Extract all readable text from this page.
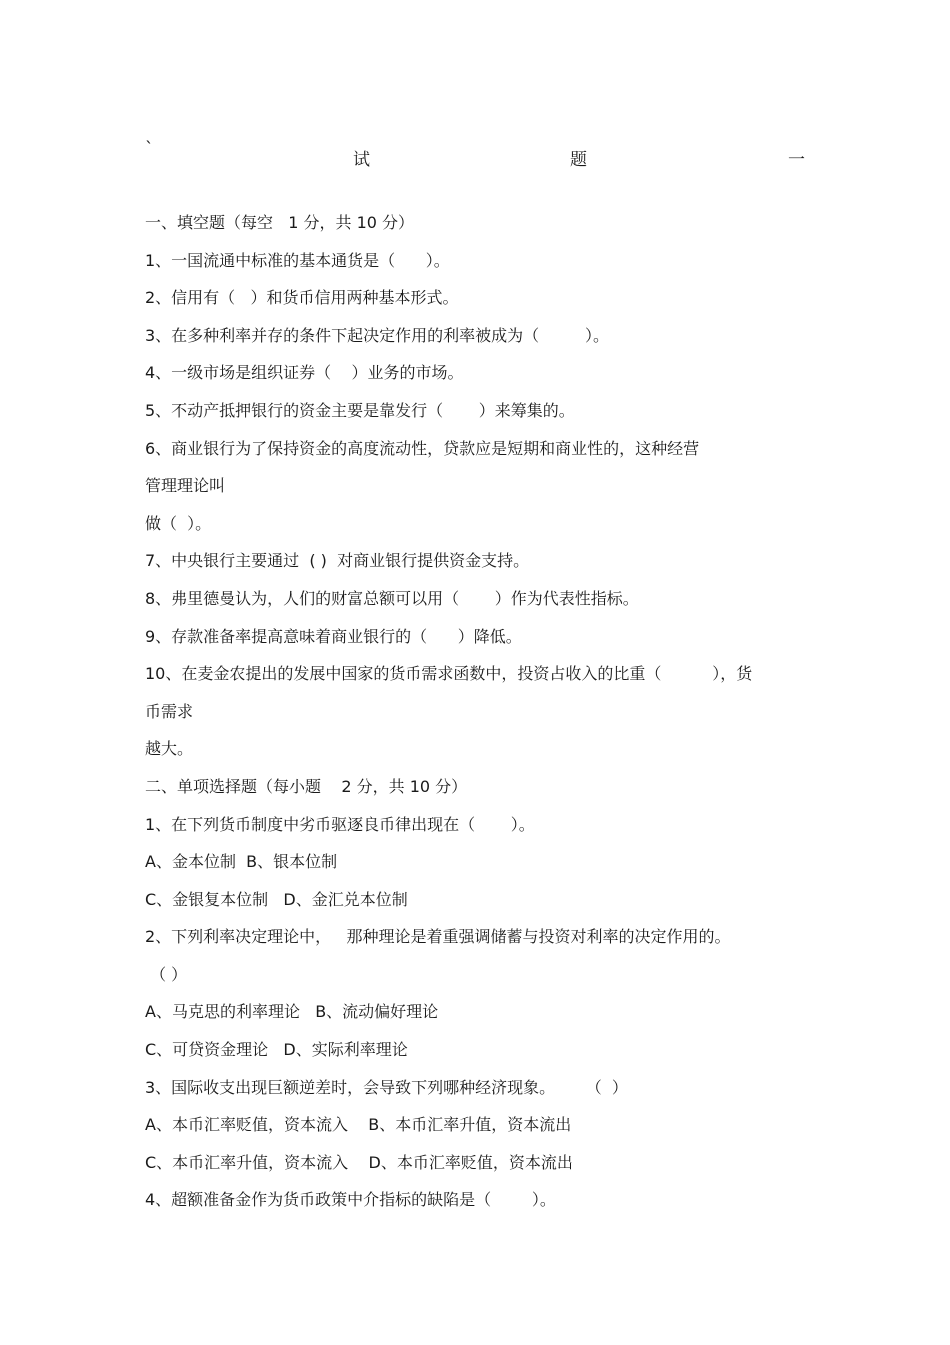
`
试	题	一
一、填空题（每空   1 分，共 10 分）
1、一国流通中标准的基本通货是（      ）。
2、信用有（   ）和货币信用两种基本形式。
3、在多种利率并存的条件下起决定作用的利率被成为（         ）。
4、一级市场是组织证券（    ）业务的市场。
5、不动产抵押银行的资金主要是靠发行（       ）来筹集的。
6、商业银行为了保持资金的高度流动性，贷款应是短期和商业性的，这种经营
管理理论叫
做（  ）。
7、中央银行主要通过  ( )  对商业银行提供资金支持。
8、弗里德曼认为，人们的财富总额可以用（       ）作为代表性指标。
9、存款准备率提高意味着商业银行的（      ）降低。
10、在麦金农提出的发展中国家的货币需求函数中，投资占收入的比重（          ），货
币需求
越大。
二、单项选择题（每小题    2 分，共 10 分）
1、在下列货币制度中劣币驱逐良币律出现在（       ）。
A、金本位制  B、银本位制
C、金银复本位制   D、金汇兑本位制
2、下列利率决定理论中，   那种理论是着重强调储蓄与投资对利率的决定作用的。
（ ）
A、马克思的利率理论   B、流动偏好理论
C、可贷资金理论   D、实际利率理论
3、国际收支出现巨额逆差时，会导致下列哪种经济现象。      （  ）
A、本币汇率贬值，资本流入    B、本币汇率升值，资本流出
C、本币汇率升值，资本流入    D、本币汇率贬值，资本流出
4、超额准备金作为货币政策中介指标的缺陷是（        ）。
